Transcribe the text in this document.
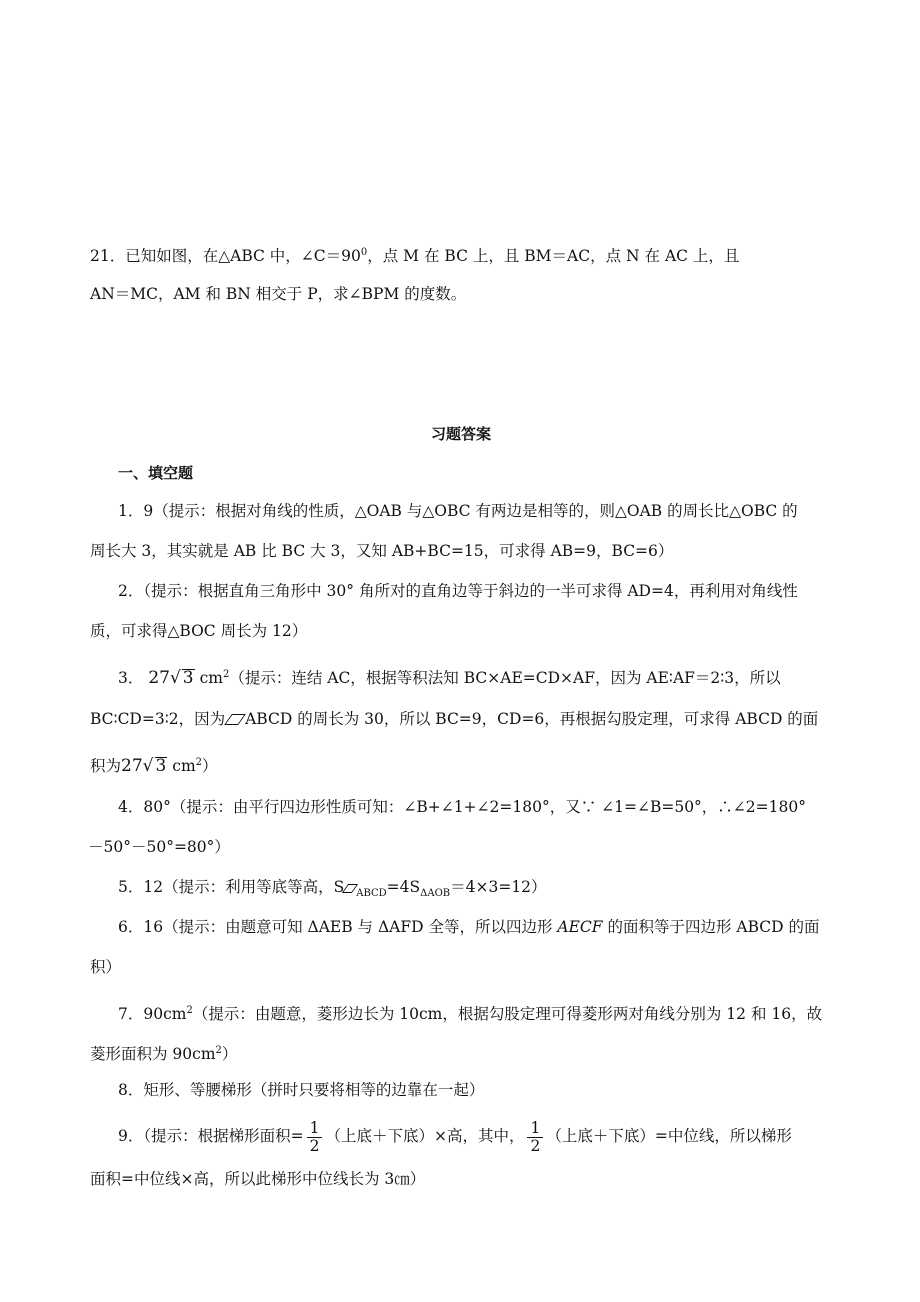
21．已知如图，在△ABC 中，$\angle C=90^0$，点 M 在 BC 上，且 BM＝AC，点 N 在 AC 上，且
AN＝MC，AM 和 BN 相交于 P，求∠BPM 的度数。
习题答案
一、填空题
1．9（提示：根据对角线的性质，△OAB 与△OBC 有两边是相等的，则△OAB 的周长比△OBC 的
周长大 3，其实就是 AB 比 BC 大 3，又知 AB+BC=15，可求得 AB=9，BC=6）
2．（提示：根据直角三角形中 30° 角所对的直角边等于斜边的一半可求得 AD=4，再利用对角线性
质，可求得△BOC 周长为 12）
3． 27√ 3 $cm^2$（提示：连结 AC，根据等积法知 BC×AE=CD×AF，因为 AE∶AF＝2∶3，所以
BC∶CD=3∶2，因为 ABCD 的周长为 30，所以 BC=9，CD=6，再根据勾股定理，可求得 ABCD 的面
积为27√ 3 $cm^2$）
4．80°（提示：由平行四边形性质可知：∠B+∠1+∠2=180°，又∵ ∠1=∠B=50°，∴∠2=180°
－50°－50°=80°）
5．12（提示：利用等底等高，S $_{ABCD}=4S_{\Delta AOB}=4\times 3=12$）
6．16（提示：由题意可知 ΔAEB 与 ΔAFD 全等，所以四边形 AECF 的面积等于四边形 ABCD 的面
积）
7．$90cm^2$（提示：由题意，菱形边长为 10cm，根据勾股定理可得菱形两对角线分别为 12 和 16，故
菱形面积为 $90cm^2$）
8．矩形、等腰梯形（拼时只要将相等的边靠在一起）
9．（提示：根据梯形面积= $\frac{1}{2}$ （上底＋下底）×高，其中， $\frac{1}{2}$ （上底＋下底）=中位线，所以梯形
面积=中位线×高，所以此梯形中位线长为 3㎝）
